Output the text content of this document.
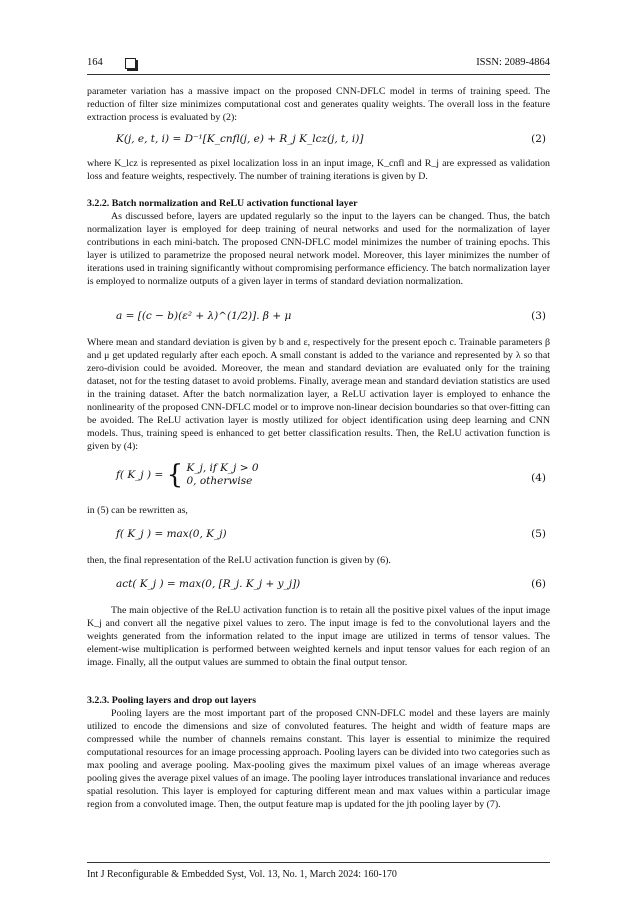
164	ISSN: 2089-4864

parameter variation has a massive impact on the proposed CNN-DFLC model in terms of training speed. The reduction of filter size minimizes computational cost and generates quality weights. The overall loss in the feature extraction process is evaluated by (2):

K(j, e, t, i) = D⁻¹[K_cnfl(j, e) + R_j K_lcz(j, t, i)]	(2)

where K_lcz is represented as pixel localization loss in an input image, K_cnfl and R_j are expressed as validation loss and feature weights, respectively. The number of training iterations is given by D.

3.2.2. Batch normalization and ReLU activation functional layer

As discussed before, layers are updated regularly so the input to the layers can be changed. Thus, the batch normalization layer is employed for deep training of neural networks and used for the normalization of layer contributions in each mini-batch. The proposed CNN-DFLC model minimizes the number of training epochs. This layer is utilized to parametrize the proposed neural network model. Moreover, this layer minimizes the number of iterations used in training significantly without compromising performance efficiency. The batch normalization layer is employed to normalize outputs of a given layer in terms of standard deviation normalization.

a = [(c − b)(ε² + λ)^(1/2)]. β + μ	(3)

Where mean and standard deviation is given by b and ε, respectively for the present epoch c. Trainable parameters β and μ get updated regularly after each epoch. A small constant is added to the variance and represented by λ so that zero-division could be avoided. Moreover, the mean and standard deviation are evaluated only for the training dataset, not for the testing dataset to avoid problems. Finally, average mean and standard deviation statistics are used in the training dataset. After the batch normalization layer, a ReLU activation layer is employed to enhance the nonlinearity of the proposed CNN-DFLC model or to improve non-linear decision boundaries so that over-fitting can be avoided. The ReLU activation layer is mostly utilized for object identification using deep learning and CNN models. Thus, training speed is enhanced to get better classification results. Then, the ReLU activation function is given by (4):

f( K_j ) = { K_j, if K_j > 0
0, otherwise	(4)

in (5) can be rewritten as,

f( K_j ) = max(0, K_j)	(5)

then, the final representation of the ReLU activation function is given by (6).

act( K_j ) = max(0, [R_j. K_j + y_j])	(6)

The main objective of the ReLU activation function is to retain all the positive pixel values of the input image K_j and convert all the negative pixel values to zero. The input image is fed to the convolutional layers and the weights generated from the information related to the input image are utilized in terms of tensor values. The element-wise multiplication is performed between weighted kernels and input tensor values for each region of an image. Finally, all the output values are summed to obtain the final output tensor.

3.2.3. Pooling layers and drop out layers

Pooling layers are the most important part of the proposed CNN-DFLC model and these layers are mainly utilized to encode the dimensions and size of convoluted features. The height and width of feature maps are compressed while the number of channels remains constant. This layer is essential to minimize the required computational resources for an image processing approach. Pooling layers can be divided into two categories such as max pooling and average pooling. Max-pooling gives the maximum pixel values of an image whereas average pooling gives the average pixel values of an image. The pooling layer introduces translational invariance and reduces spatial resolution. This layer is employed for capturing different mean and max values within a particular image region from a convoluted image. Then, the output feature map is updated for the jth pooling layer by (7).

Int J Reconfigurable & Embedded Syst, Vol. 13, No. 1, March 2024: 160-170
